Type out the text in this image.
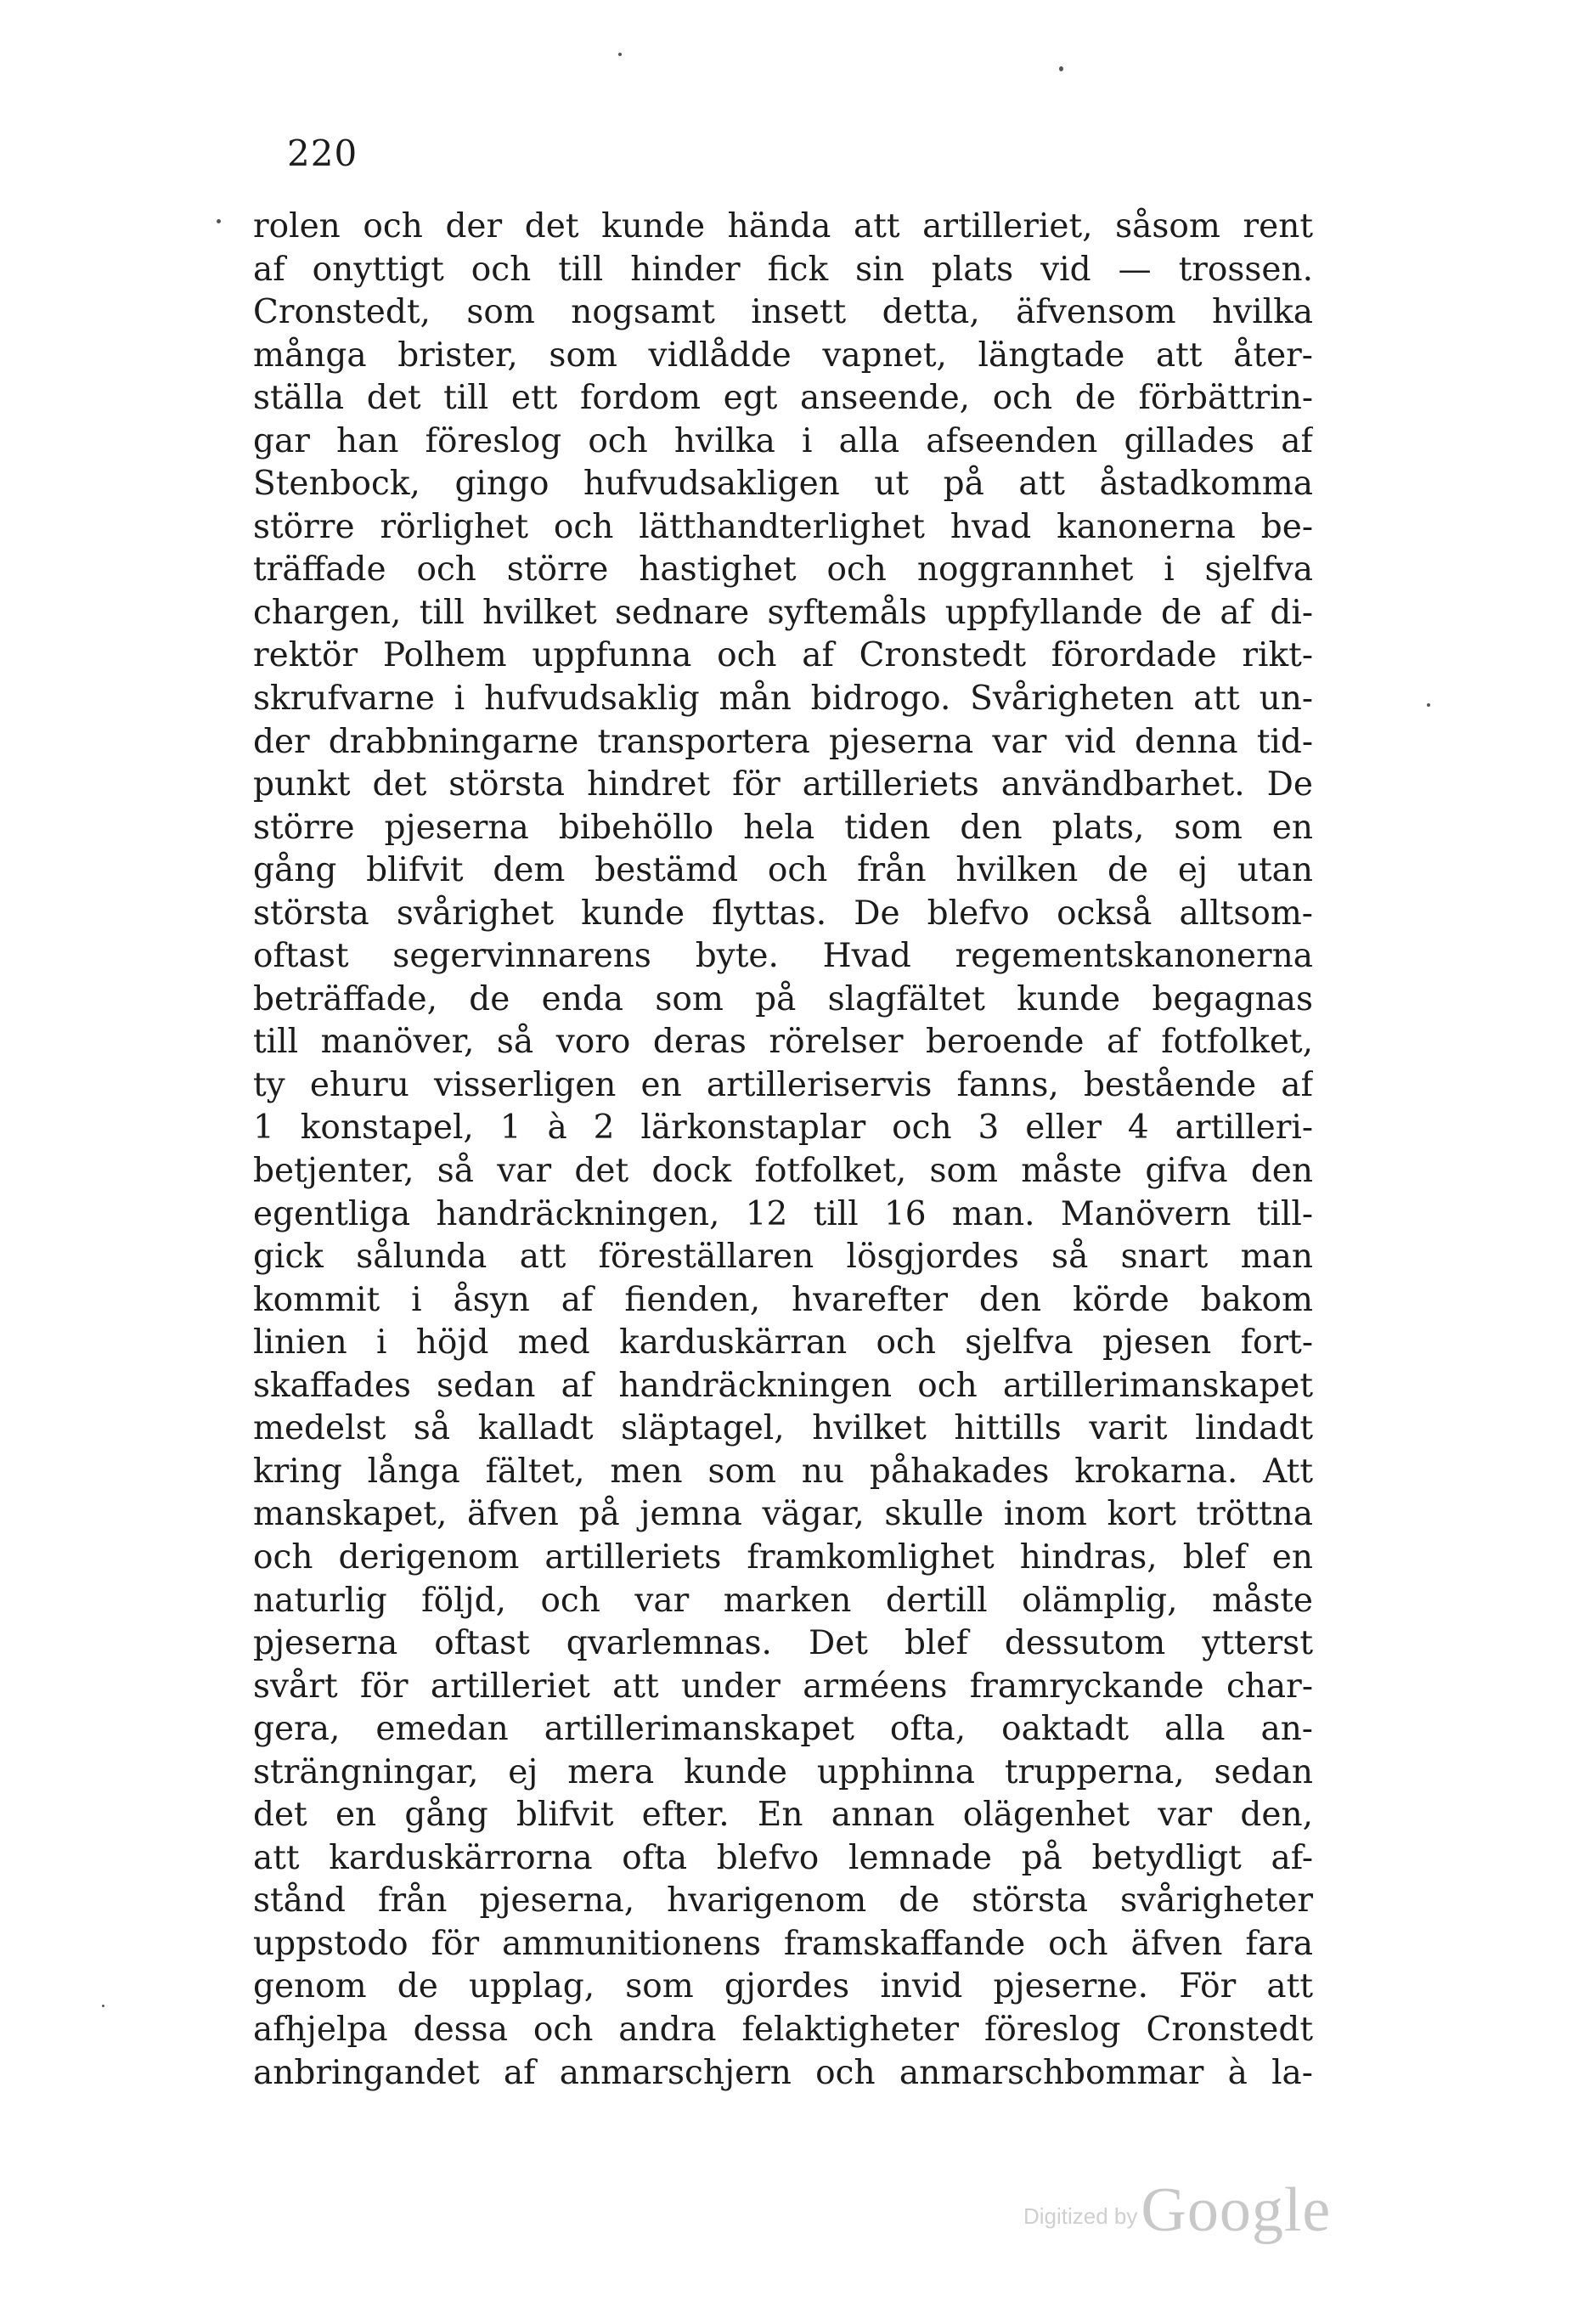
220
rolen och der det kunde hända att artilleriet, såsom rent
af onyttigt och till hinder fick sin plats vid — trossen.
Cronstedt, som nogsamt insett detta, äfvensom hvilka
många brister, som vidlådde vapnet, längtade att åter-
ställa det till ett fordom egt anseende, och de förbättrin-
gar han föreslog och hvilka i alla afseenden gillades af
Stenbock, gingo hufvudsakligen ut på att åstadkomma
större rörlighet och lätthandterlighet hvad kanonerna be-
träffade och större hastighet och noggrannhet i sjelfva
chargen, till hvilket sednare syftemåls uppfyllande de af di-
rektör Polhem uppfunna och af Cronstedt förordade rikt-
skrufvarne i hufvudsaklig mån bidrogo. Svårigheten att un-
der drabbningarne transportera pjeserna var vid denna tid-
punkt det största hindret för artilleriets användbarhet. De
större pjeserna bibehöllo hela tiden den plats, som en
gång blifvit dem bestämd och från hvilken de ej utan
största svårighet kunde flyttas. De blefvo också alltsom-
oftast segervinnarens byte. Hvad regementskanonerna
beträffade, de enda som på slagfältet kunde begagnas
till manöver, så voro deras rörelser beroende af fotfolket,
ty ehuru visserligen en artilleriservis fanns, bestående af
1 konstapel, 1 à 2 lärkonstaplar och 3 eller 4 artilleri-
betjenter, så var det dock fotfolket, som måste gifva den
egentliga handräckningen, 12 till 16 man. Manövern till-
gick sålunda att föreställaren lösgjordes så snart man
kommit i åsyn af fienden, hvarefter den körde bakom
linien i höjd med karduskärran och sjelfva pjesen fort-
skaffades sedan af handräckningen och artillerimanskapet
medelst så kalladt släptagel, hvilket hittills varit lindadt
kring långa fältet, men som nu påhakades krokarna. Att
manskapet, äfven på jemna vägar, skulle inom kort tröttna
och derigenom artilleriets framkomlighet hindras, blef en
naturlig följd, och var marken dertill olämplig, måste
pjeserna oftast qvarlemnas. Det blef dessutom ytterst
svårt för artilleriet att under arméens framryckande char-
gera, emedan artillerimanskapet ofta, oaktadt alla an-
strängningar, ej mera kunde upphinna trupperna, sedan
det en gång blifvit efter. En annan olägenhet var den,
att karduskärrorna ofta blefvo lemnade på betydligt af-
stånd från pjeserna, hvarigenom de största svårigheter
uppstodo för ammunitionens framskaffande och äfven fara
genom de upplag, som gjordes invid pjeserne. För att
afhjelpa dessa och andra felaktigheter föreslog Cronstedt
anbringandet af anmarschjern och anmarschbommar à la-
Digitized byGoogle
